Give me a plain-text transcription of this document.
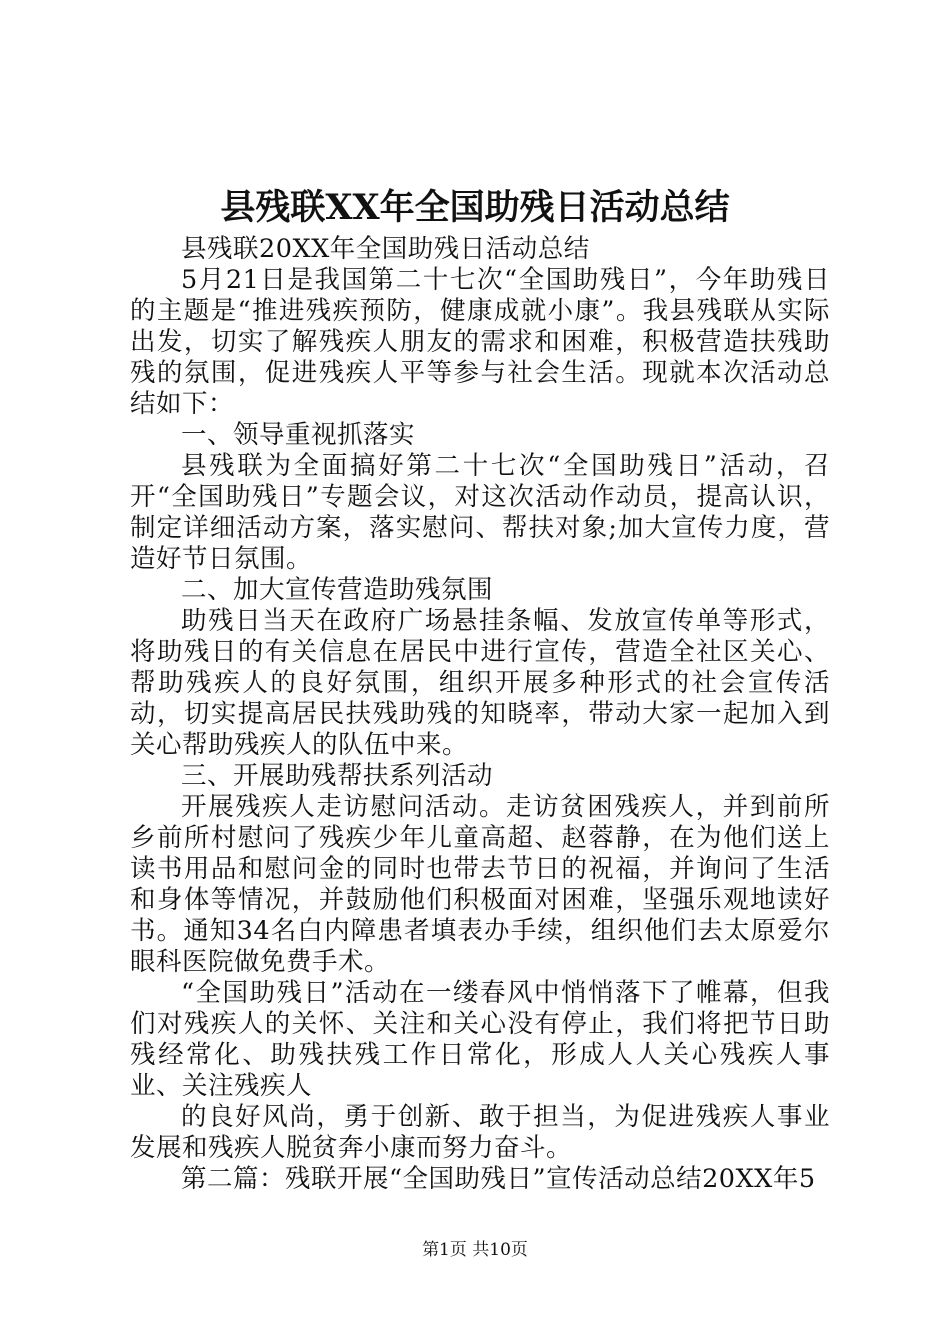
县残联XX年全国助残日活动总结

县残联20XX年全国助残日活动总结

5月21日是我国第二十七次“全国助残日”，今年助残日的主题是“推进残疾预防，健康成就小康”。我县残联从实际出发，切实了解残疾人朋友的需求和困难，积极营造扶残助残的氛围，促进残疾人平等参与社会生活。现就本次活动总结如下：

一、领导重视抓落实

县残联为全面搞好第二十七次“全国助残日”活动，召开“全国助残日”专题会议，对这次活动作动员，提高认识，制定详细活动方案，落实慰问、帮扶对象;加大宣传力度，营造好节日氛围。

二、加大宣传营造助残氛围

助残日当天在政府广场悬挂条幅、发放宣传单等形式，将助残日的有关信息在居民中进行宣传，营造全社区关心、帮助残疾人的良好氛围，组织开展多种形式的社会宣传活动，切实提高居民扶残助残的知晓率，带动大家一起加入到关心帮助残疾人的队伍中来。

三、开展助残帮扶系列活动

开展残疾人走访慰问活动。走访贫困残疾人，并到前所乡前所村慰问了残疾少年儿童高超、赵蓉静，在为他们送上读书用品和慰问金的同时也带去节日的祝福，并询问了生活和身体等情况，并鼓励他们积极面对困难，坚强乐观地读好书。通知34名白内障患者填表办手续，组织他们去太原爱尔眼科医院做免费手术。

“全国助残日”活动在一缕春风中悄悄落下了帷幕，但我们对残疾人的关怀、关注和关心没有停止，我们将把节日助残经常化、助残扶残工作日常化，形成人人关心残疾人事业、关注残疾人

的良好风尚，勇于创新、敢于担当，为促进残疾人事业发展和残疾人脱贫奔小康而努力奋斗。

第二篇：残联开展“全国助残日”宣传活动总结20XX年5

第1页 共10页
